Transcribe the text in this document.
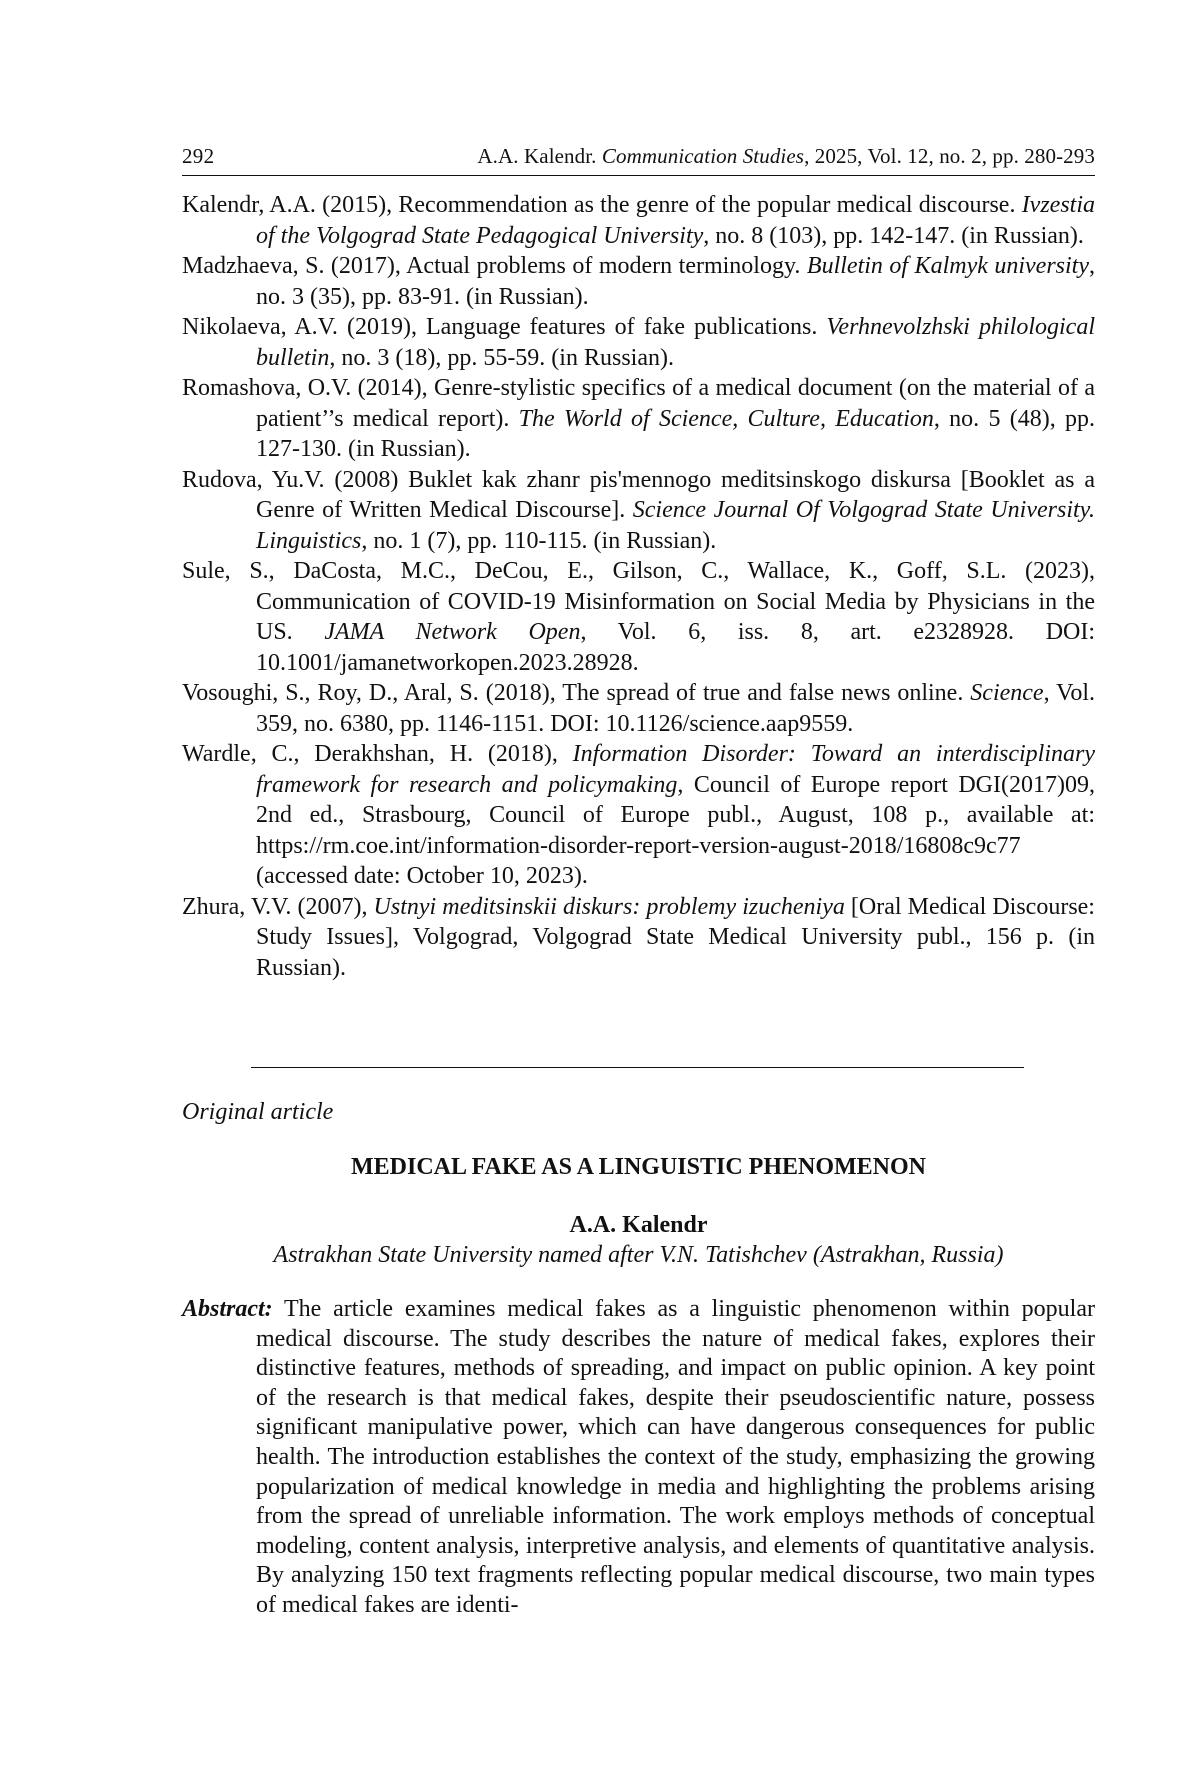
292	A.A. Kalendr. Communication Studies, 2025, Vol. 12, no. 2, pp. 280-293

Kalendr, A.A. (2015), Recommendation as the genre of the popular medical discourse. Ivzestia of the Volgograd State Pedagogical University, no. 8 (103), pp. 142-147. (in Russian).

Madzhaeva, S. (2017), Actual problems of modern terminology. Bulletin of Kalmyk university, no. 3 (35), pp. 83-91. (in Russian).

Nikolaeva, A.V. (2019), Language features of fake publications. Verhnevolzhski philological bulletin, no. 3 (18), pp. 55-59. (in Russian).

Romashova, O.V. (2014), Genre-stylistic specifics of a medical document (on the material of a patient’’s medical report). The World of Science, Culture, Education, no. 5 (48), pp. 127-130. (in Russian).

Rudova, Yu.V. (2008) Buklet kak zhanr pis'mennogo meditsinskogo diskursa [Booklet as a Genre of Written Medical Discourse]. Science Journal Of Volgograd State University. Linguistics, no. 1 (7), pp. 110-115. (in Russian).

Sule, S., DaCosta, M.C., DeCou, E., Gilson, C., Wallace, K., Goff, S.L. (2023), Communication of COVID-19 Misinformation on Social Media by Physicians in the US. JAMA Network Open, Vol. 6, iss. 8, art. e2328928. DOI: 10.1001/jamanetworkopen.2023.28928.

Vosoughi, S., Roy, D., Aral, S. (2018), The spread of true and false news online. Science, Vol. 359, no. 6380, pp. 1146-1151. DOI: 10.1126/science.aap9559.

Wardle, C., Derakhshan, H. (2018), Information Disorder: Toward an interdisciplinary framework for research and policymaking, Council of Europe report DGI(2017)09, 2nd ed., Strasbourg, Council of Europe publ., August, 108 p., available at: https://rm.coe.int/information-disorder-report-version-august-2018/16808c9c77 (accessed date: October 10, 2023).

Zhura, V.V. (2007), Ustnyi meditsinskii diskurs: problemy izucheniya [Oral Medical Discourse: Study Issues], Volgograd, Volgograd State Medical University publ., 156 p. (in Russian).

Original article
MEDICAL FAKE AS A LINGUISTIC PHENOMENON
A.A. Kalendr
Astrakhan State University named after V.N. Tatishchev (Astrakhan, Russia)

Abstract: The article examines medical fakes as a linguistic phenomenon within popular medical discourse. The study describes the nature of medical fakes, explores their distinctive features, methods of spreading, and impact on public opinion. A key point of the research is that medical fakes, despite their pseudoscientific nature, possess significant manipulative power, which can have dangerous consequences for public health. The introduction establishes the context of the study, emphasizing the growing popularization of medical knowledge in media and highlighting the problems arising from the spread of unreliable information. The work employs methods of conceptual modeling, content analysis, interpretive analysis, and elements of quantitative analysis. By analyzing 150 text fragments reflecting popular medical discourse, two main types of medical fakes are identi-
